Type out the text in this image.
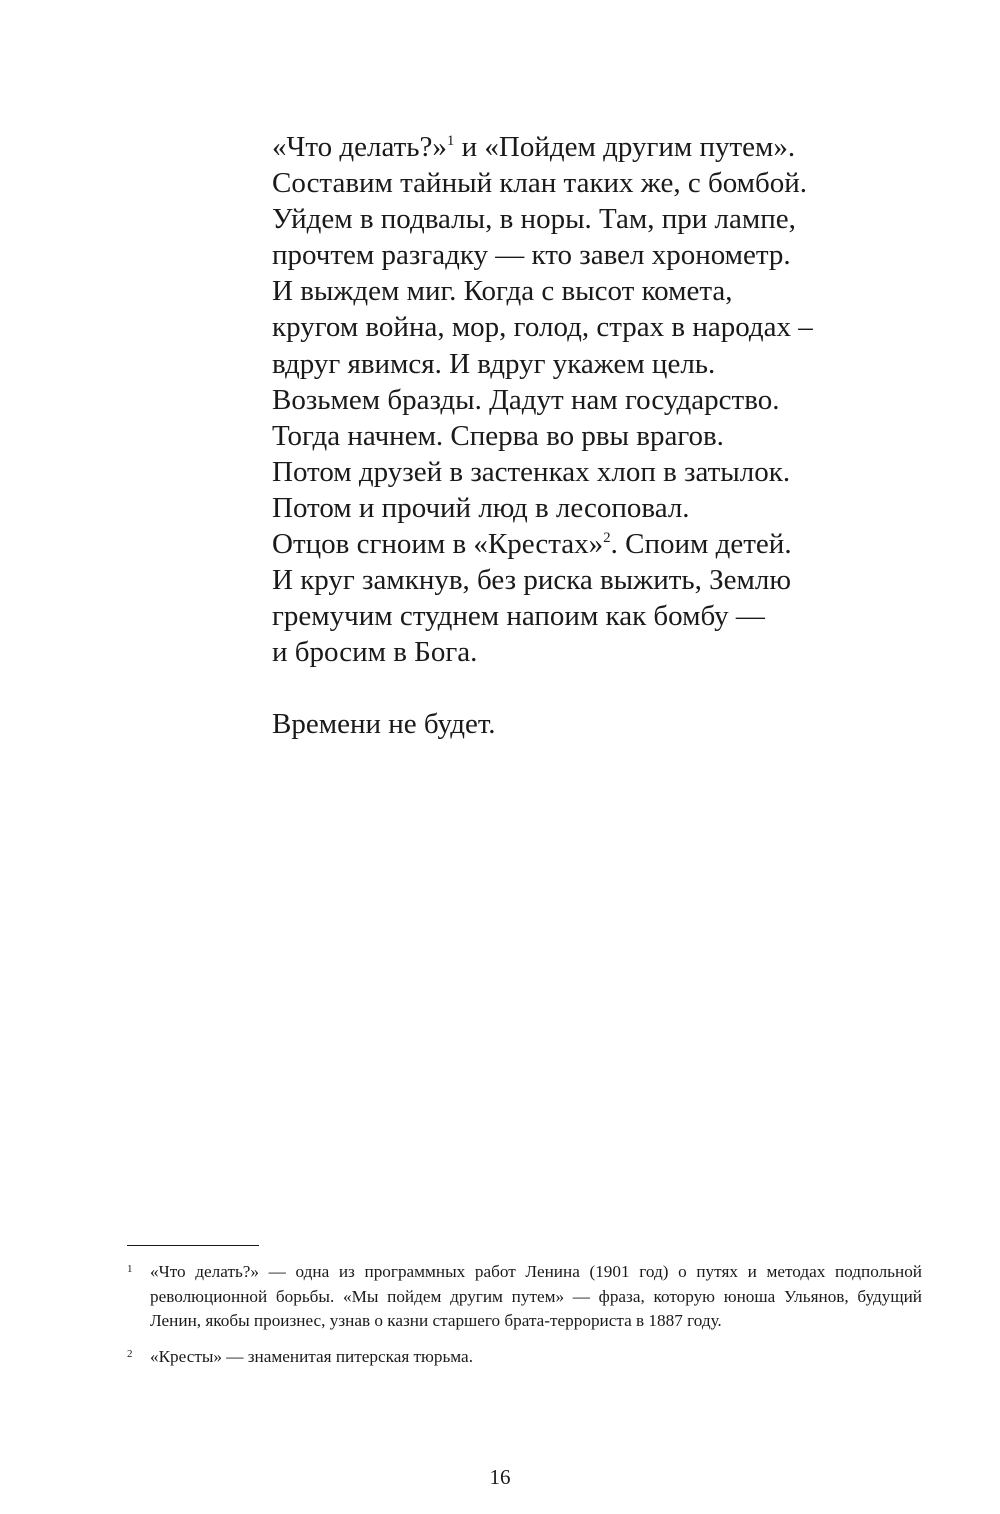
«Что делать?»$^1$ и «Пойдем другим путем».
Составим тайный клан таких же, с бомбой.
Уйдем в подвалы, в норы. Там, при лампе,
прочтем разгадку — кто завел хронометр.
И выждем миг. Когда с высот комета,
кругом война, мор, голод, страх в народах –
вдруг явимся. И вдруг укажем цель.
Возьмем бразды. Дадут нам государство.
Тогда начнем. Сперва во рвы врагов.
Потом друзей в застенках хлоп в затылок.
Потом и прочий люд в лесоповал.
Отцов сгноим в «Крестах»$^2$. Споим детей.
И круг замкнув, без риска выжить, Землю
гремучим студнем напоим как бомбу —
и бросим в Бога.
Времени не будет.
1 «Что делать?» — одна из программных работ Ленина (1901 год) о путях и методах подпольной революционной борьбы. «Мы пойдем другим путем» — фраза, которую юноша Ульянов, будущий Ленин, якобы произнес, узнав о казни старшего брата-террориста в 1887 году.
2 «Кресты» — знаменитая питерская тюрьма.
16
